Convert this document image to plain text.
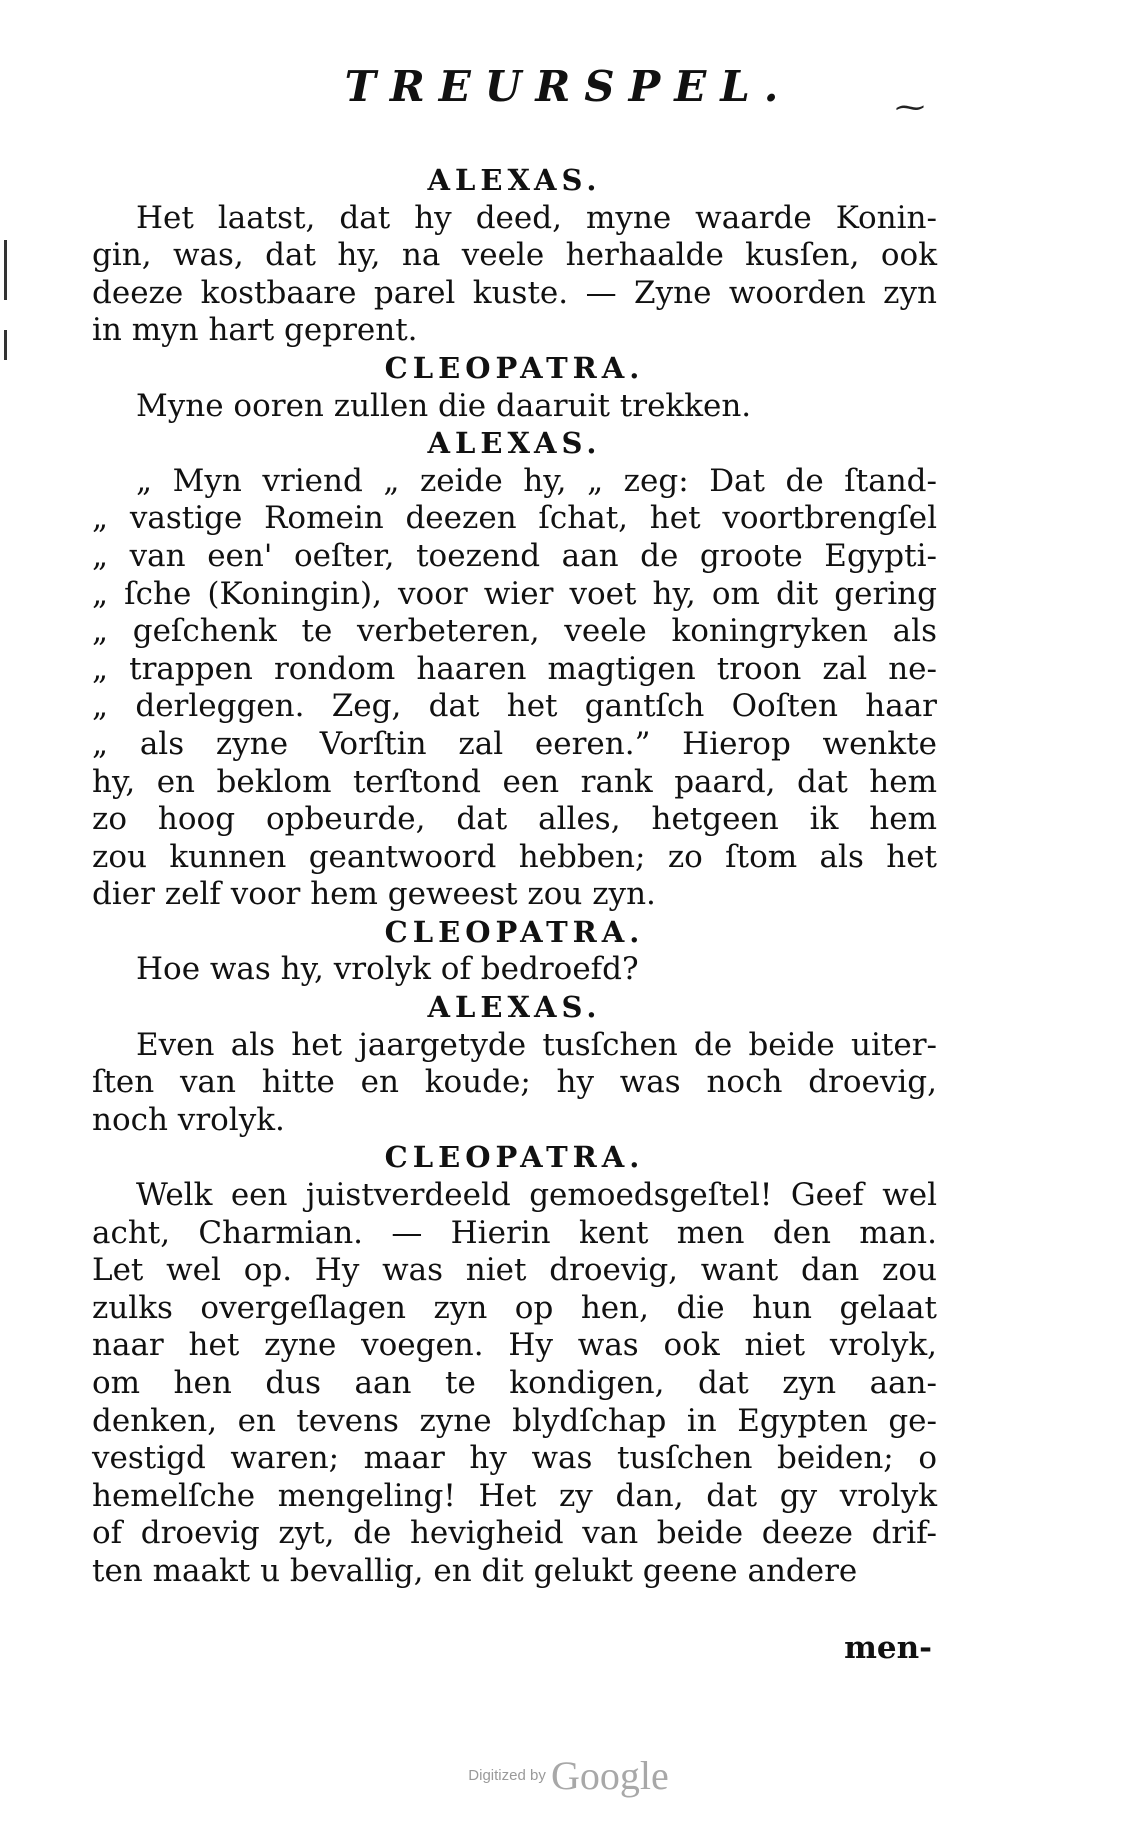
TREURSPEL.	⁓
ALEXAS.
Het laatst, dat hy deed, myne waarde Konin-
gin, was, dat hy, na veele herhaalde kusſen, ook
deeze kostbaare parel kuste. — Zyne woorden zyn
in myn hart geprent.
CLEOPATRA.
Myne ooren zullen die daaruit trekken.
ALEXAS.
„ Myn vriend „ zeide hy, „ zeg: Dat de ſtand-
„ vastige Romein deezen ſchat, het voortbrengſel
„ van een' oeſter, toezend aan de groote Egypti-
„ ſche (Koningin), voor wier voet hy, om dit gering
„ geſchenk te verbeteren, veele koningryken als
„ trappen rondom haaren magtigen troon zal ne-
„ derleggen. Zeg, dat het gantſch Ooſten haar
„ als zyne Vorſtin zal eeren.” Hierop wenkte
hy, en beklom terſtond een rank paard, dat hem
zo hoog opbeurde, dat alles, hetgeen ik hem
zou kunnen geantwoord hebben; zo ſtom als het
dier zelf voor hem geweest zou zyn.
CLEOPATRA.
Hoe was hy, vrolyk of bedroefd?
ALEXAS.
Even als het jaargetyde tusſchen de beide uiter-
ſten van hitte en koude; hy was noch droevig,
noch vrolyk.
CLEOPATRA.
Welk een juistverdeeld gemoedsgeſtel! Geef wel
acht, Charmian. — Hierin kent men den man.
Let wel op. Hy was niet droevig, want dan zou
zulks overgeſlagen zyn op hen, die hun gelaat
naar het zyne voegen. Hy was ook niet vrolyk,
om hen dus aan te kondigen, dat zyn aan-
denken, en tevens zyne blydſchap in Egypten ge-
vestigd waren; maar hy was tusſchen beiden; o
hemelſche mengeling! Het zy dan, dat gy vrolyk
of droevig zyt, de hevigheid van beide deeze drif-
ten maakt u bevallig, en dit gelukt geene andere
men-
Digitized by Google
